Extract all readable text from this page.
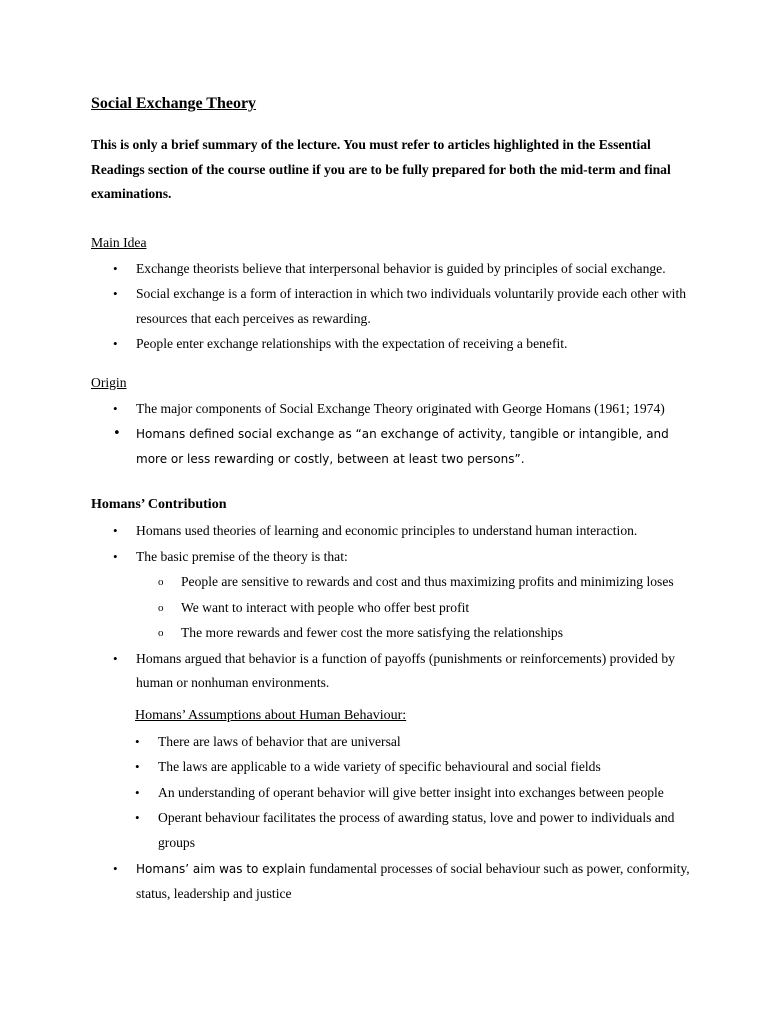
Social Exchange Theory

This is only a brief summary of the lecture. You must refer to articles highlighted in the Essential Readings section of the course outline if you are to be fully prepared for both the mid-term and final examinations.

Main Idea
• Exchange theorists believe that interpersonal behavior is guided by principles of social exchange.
• Social exchange is a form of interaction in which two individuals voluntarily provide each other with resources that each perceives as rewarding.
• People enter exchange relationships with the expectation of receiving a benefit.
Origin
• The major components of Social Exchange Theory originated with George Homans (1961; 1974)
• Homans defined social exchange as “an exchange of activity, tangible or intangible, and more or less rewarding or costly, between at least two persons”.
Homans’ Contribution
• Homans used theories of learning and economic principles to understand human interaction.
• The basic premise of the theory is that:
o People are sensitive to rewards and cost and thus maximizing profits and minimizing loses
o We want to interact with people who offer best profit
o The more rewards and fewer cost the more satisfying the relationships
• Homans argued that behavior is a function of payoffs (punishments or reinforcements) provided by human or nonhuman environments.
Homans’ Assumptions about Human Behaviour:
• There are laws of behavior that are universal
• The laws are applicable to a wide variety of specific behavioural and social fields
• An understanding of operant behavior will give better insight into exchanges between people
• Operant behaviour facilitates the process of awarding status, love and power to individuals and groups
• Homans’ aim was to explain fundamental processes of social behaviour such as power, conformity, status, leadership and justice
